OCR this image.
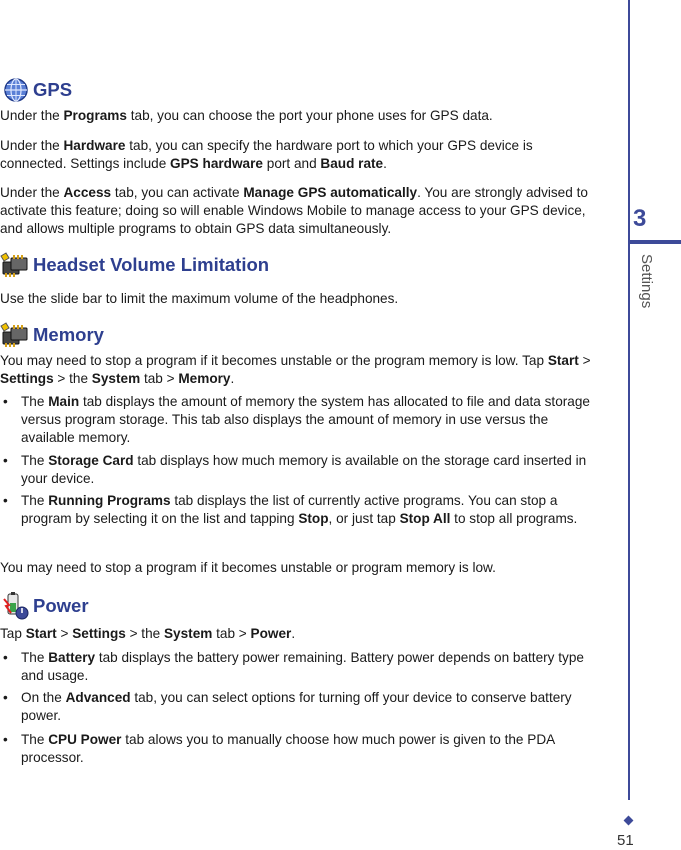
GPS

Under the Programs tab, you can choose the port your phone uses for GPS data.

Under the Hardware tab, you can specify the hardware port to which your GPS device is connected. Settings include GPS hardware port and Baud rate.

Under the Access tab, you can activate Manage GPS automatically. You are strongly advised to activate this feature; doing so will enable Windows Mobile to manage access to your GPS device, and allows multiple programs to obtain GPS data simultaneously.

Headset Volume Limitation

Use the slide bar to limit the maximum volume of the headphones.

Memory

You may need to stop a program if it becomes unstable or the program memory is low. Tap Start > Settings > the System tab > Memory.

• The Main tab displays the amount of memory the system has allocated to file and data storage versus program storage. This tab also displays the amount of memory in use versus the available memory.
• The Storage Card tab displays how much memory is available on the storage card inserted in your device.
• The Running Programs tab displays the list of currently active programs. You can stop a program by selecting it on the list and tapping Stop, or just tap Stop All to stop all programs.

You may need to stop a program if it becomes unstable or program memory is low.

Power

Tap Start > Settings > the System tab > Power.

• The Battery tab displays the battery power remaining. Battery power depends on battery type and usage.
• On the Advanced tab, you can select options for turning off your device to conserve battery power.
• The CPU Power tab alows you to manually choose how much power is given to the PDA processor.
3
Settings
51
